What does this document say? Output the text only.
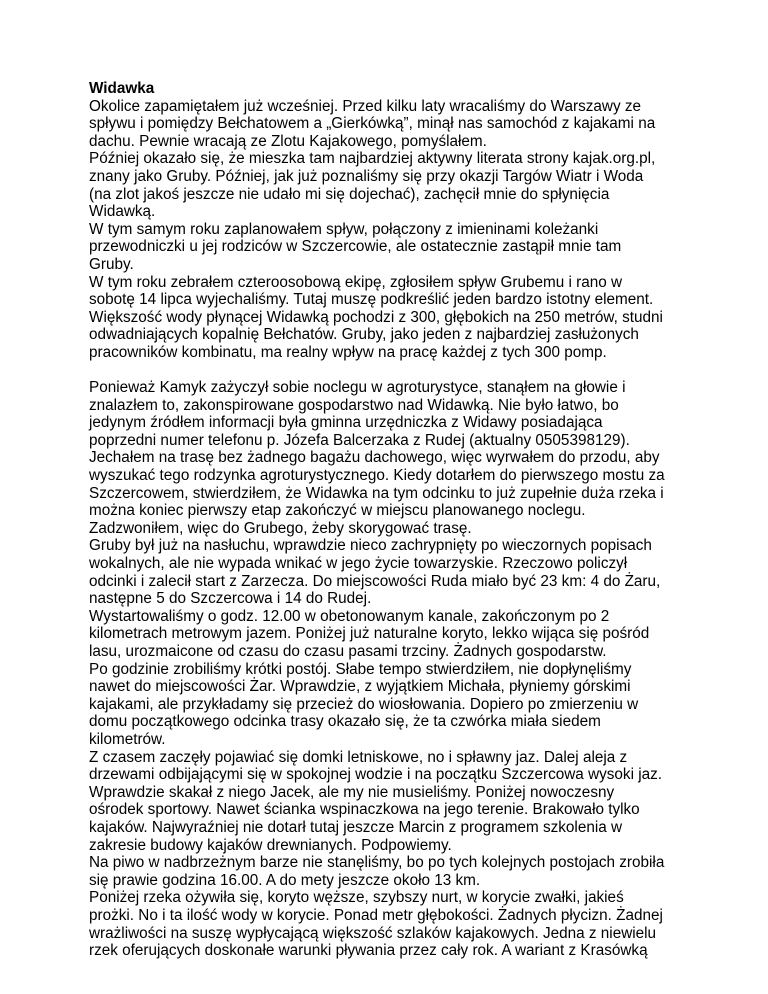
Widawka

Okolice zapamiętałem już wcześniej. Przed kilku laty wracaliśmy do Warszawy ze
spływu i pomiędzy Bełchatowem a „Gierkówką”, minął nas samochód z kajakami na
dachu. Pewnie wracają ze Zlotu Kajakowego, pomyślałem.

Później okazało się, że mieszka tam najbardziej aktywny literata strony kajak.org.pl,
znany jako Gruby. Później, jak już poznaliśmy się przy okazji Targów Wiatr i Woda
(na zlot jakoś jeszcze nie udało mi się dojechać), zachęcił mnie do spłynięcia
Widawką.

W tym samym roku zaplanowałem spływ, połączony z imieninami koleżanki
przewodniczki u jej rodziców w Szczercowie, ale ostatecznie zastąpił mnie tam
Gruby.

W tym roku zebrałem czteroosobową ekipę, zgłosiłem spływ Grubemu i rano w
sobotę 14 lipca wyjechaliśmy. Tutaj muszę podkreślić jeden bardzo istotny element.
Większość wody płynącej Widawką pochodzi z 300, głębokich na 250 metrów, studni
odwadniających kopalnię Bełchatów. Gruby, jako jeden z najbardziej zasłużonych
pracowników kombinatu, ma realny wpływ na pracę każdej z tych 300 pomp.

Ponieważ Kamyk zażyczył sobie noclegu w agroturystyce, stanąłem na głowie i
znalazłem to, zakonspirowane gospodarstwo nad Widawką. Nie było łatwo, bo
jedynym źródłem informacji była gminna urzędniczka z Widawy posiadająca
poprzedni numer telefonu p. Józefa Balcerzaka z Rudej (aktualny 0505398129).

Jechałem na trasę bez żadnego bagażu dachowego, więc wyrwałem do przodu, aby
wyszukać tego rodzynka agroturystycznego. Kiedy dotarłem do pierwszego mostu za
Szczercowem, stwierdziłem, że Widawka na tym odcinku to już zupełnie duża rzeka i
można koniec pierwszy etap zakończyć w miejscu planowanego noclegu.
Zadzwoniłem, więc do Grubego, żeby skorygować trasę.

Gruby był już na nasłuchu, wprawdzie nieco zachrypnięty po wieczornych popisach
wokalnych, ale nie wypada wnikać w jego życie towarzyskie. Rzeczowo policzył
odcinki i zalecił start z Zarzecza. Do miejscowości Ruda miało być 23 km: 4 do Żaru,
następne 5 do Szczercowa i 14 do Rudej.

Wystartowaliśmy o godz. 12.00 w obetonowanym kanale, zakończonym po 2
kilometrach metrowym jazem. Poniżej już naturalne koryto, lekko wijąca się pośród
lasu, urozmaicone od czasu do czasu pasami trzciny. Żadnych gospodarstw.

Po godzinie zrobiliśmy krótki postój. Słabe tempo stwierdziłem, nie dopłynęliśmy
nawet do miejscowości Żar. Wprawdzie, z wyjątkiem Michała, płyniemy górskimi
kajakami, ale przykładamy się przecież do wiosłowania. Dopiero po zmierzeniu w
domu początkowego odcinka trasy okazało się, że ta czwórka miała siedem
kilometrów.

Z czasem zaczęły pojawiać się domki letniskowe, no i spławny jaz. Dalej aleja z
drzewami odbijającymi się w spokojnej wodzie i na początku Szczercowa wysoki jaz.
Wprawdzie skakał z niego Jacek, ale my nie musieliśmy. Poniżej nowoczesny
ośrodek sportowy. Nawet ścianka wspinaczkowa na jego terenie. Brakowało tylko
kajaków. Najwyraźniej nie dotarł tutaj jeszcze Marcin z programem szkolenia w
zakresie budowy kajaków drewnianych. Podpowiemy.

Na piwo w nadbrzeżnym barze nie stanęliśmy, bo po tych kolejnych postojach zrobiła
się prawie godzina 16.00. A do mety jeszcze około 13 km.

Poniżej rzeka ożywiła się, koryto węższe, szybszy nurt, w korycie zwałki, jakieś
prożki. No i ta ilość wody w korycie. Ponad metr głębokości. Żadnych płycizn. Żadnej
wrażliwości na suszę wypłycającą większość szlaków kajakowych. Jedna z niewielu
rzek oferujących doskonałe warunki pływania przez cały rok. A wariant z Krasówką
